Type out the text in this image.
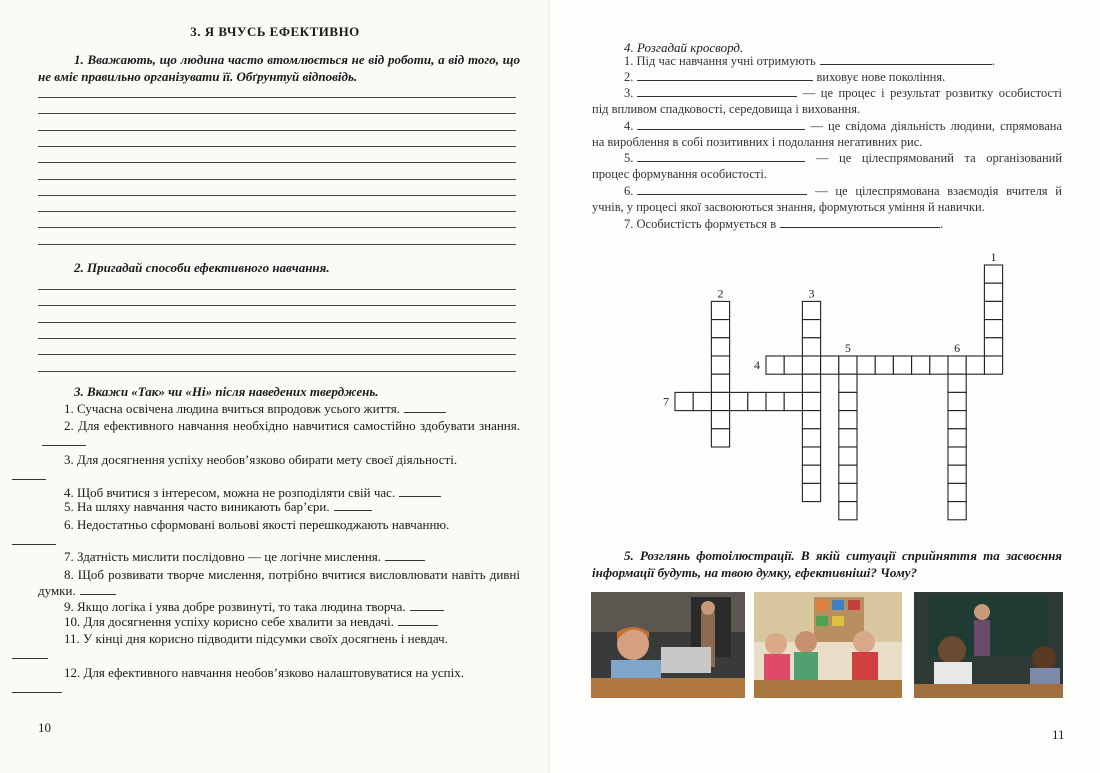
3. Я ВЧУСЬ ЕФЕКТИВНО
1. Вважають, що людина часто втомлюється не від роботи, а від того, що не вміє правильно організувати її. Обґрунтуй відповідь.
2. Пригадай способи ефективного навчання.
3. Вкажи «Так» чи «Ні» після наведених тверджень.
1. Сучасна освічена людина вчиться впродовж усього життя.
2. Для ефективного навчання необхідно навчитися самостійно здобувати знання.
3. Для досягнення успіху необов’язково обирати мету своєї діяльності.

4. Щоб вчитися з інтересом, можна не розподіляти свій час.
5. На шляху навчання часто виникають бар’єри.
6. Недостатньо сформовані вольові якості перешкоджають навчанню.

7. Здатність мислити послідовно — це логічне мислення.
8. Щоб розвивати творче мислення, потрібно вчитися висловлювати навіть дивні думки.
9. Якщо логіка і уява добре розвинуті, то така людина творча.
10. Для досягнення успіху корисно себе хвалити за невдачі.
11. У кінці дня корисно підводити підсумки своїх досягнень і невдач.

12. Для ефективного навчання необов’язково налаштовуватися на успіх.

10
4. Розгадай кросворд.
1. Під час навчання учні отримують	.
2.	виховує нове покоління.
3.	— це процес і результат розвитку особистості під впливом спадковості, середовища і виховання.
4.	— це свідома діяльність людини, спрямована на вироблення в собі позитивних і подолання негативних рис.
5.	— це цілеспрямований та організований процес формування особистості.
6.	— це цілеспрямована взаємодія вчителя й учнів, у процесі якої засвоюються знання, формуються уміння й навички.
7. Особистість формується в	.
1
2	3
4
5	6
7
5. Розглянь фотоілюстрації. В якій ситуації сприйняття та засвоєння інформації будуть, на твою думку, ефективніші? Чому?
11
